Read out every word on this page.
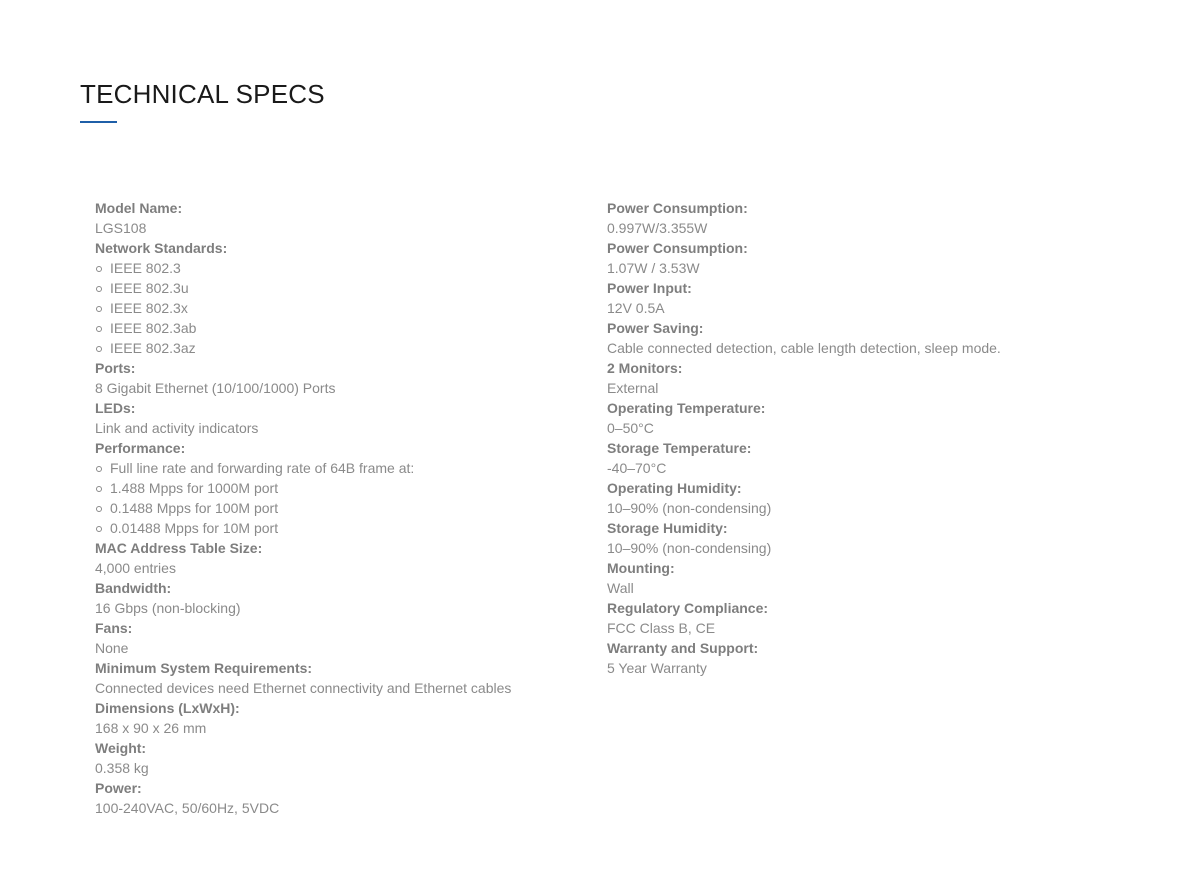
TECHNICAL SPECS
Model Name:
LGS108
Network Standards:
IEEE 802.3
IEEE 802.3u
IEEE 802.3x
IEEE 802.3ab
IEEE 802.3az
Ports:
8 Gigabit Ethernet (10/100/1000) Ports
LEDs:
Link and activity indicators
Performance:
Full line rate and forwarding rate of 64B frame at:
1.488 Mpps for 1000M port
0.1488 Mpps for 100M port
0.01488 Mpps for 10M port
MAC Address Table Size:
4,000 entries
Bandwidth:
16 Gbps (non-blocking)
Fans:
None
Minimum System Requirements:
Connected devices need Ethernet connectivity and Ethernet cables
Dimensions (LxWxH):
168 x 90 x 26 mm
Weight:
0.358 kg
Power:
100-240VAC, 50/60Hz, 5VDC
Power Consumption:
0.997W/3.355W
Power Consumption:
1.07W / 3.53W
Power Input:
12V 0.5A
Power Saving:
Cable connected detection, cable length detection, sleep mode.
2 Monitors:
External
Operating Temperature:
0–50°C
Storage Temperature:
-40–70°C
Operating Humidity:
10–90% (non-condensing)
Storage Humidity:
10–90% (non-condensing)
Mounting:
Wall
Regulatory Compliance:
FCC Class B, CE
Warranty and Support:
5 Year Warranty
